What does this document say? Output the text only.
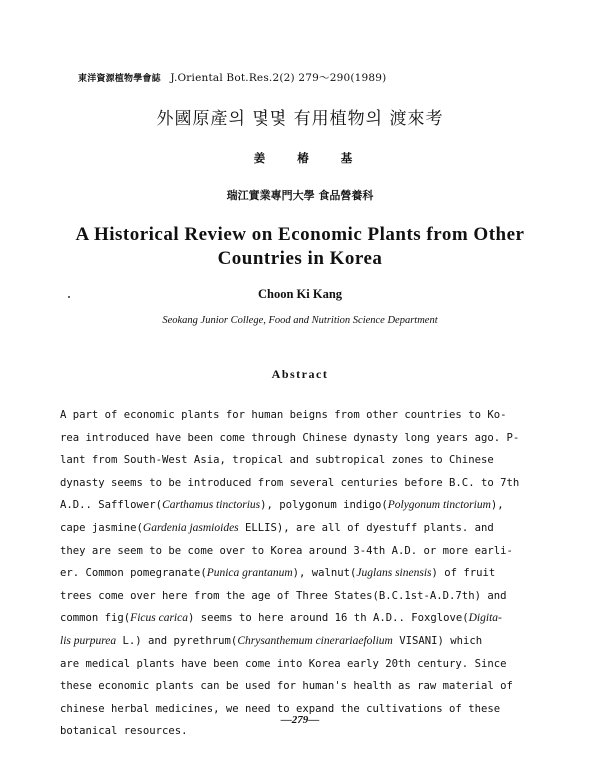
東洋資源植物學會誌 J.Oriental Bot.Res.2(2) 279～290(1989)
外國原產의 몇몇 有用植物의 渡來考
姜 椿 基
瑞江實業專門大學 食品營養科
A Historical Review on Economic Plants from Other
Countries in Korea
Choon Ki Kang
Seokang Junior College, Food and Nutrition Science Department
Abstract
A part of economic plants for human beigns from other countries to Ko-
rea introduced have been come through Chinese dynasty long years ago. P-
lant from South-West Asia, tropical and subtropical zones to Chinese
dynasty seems to be introduced from several centuries before B.C. to 7th
A.D.. Safflower(Carthamus tinctorius), polygonum indigo(Polygonum tinctorium),
cape jasmine(Gardenia jasmioides ELLIS), are all of dyestuff plants. and
they are seem to be come over to Korea around 3-4th A.D. or more earli-
er. Common pomegranate(Punica grantanum), walnut(Juglans sinensis) of fruit
trees come over here from the age of Three States(B.C.1st-A.D.7th) and
common fig(Ficus carica) seems to here around 16 th A.D.. Foxglove(Digita-
lis purpurea L.) and pyrethrum(Chrysanthemum cinerariaefolium VISANI) which
are medical plants have been come into Korea early 20th century. Since
these economic plants can be used for human's health as raw material of
chinese herbal medicines, we need to expand the cultivations of these
botanical resources.
—279—
